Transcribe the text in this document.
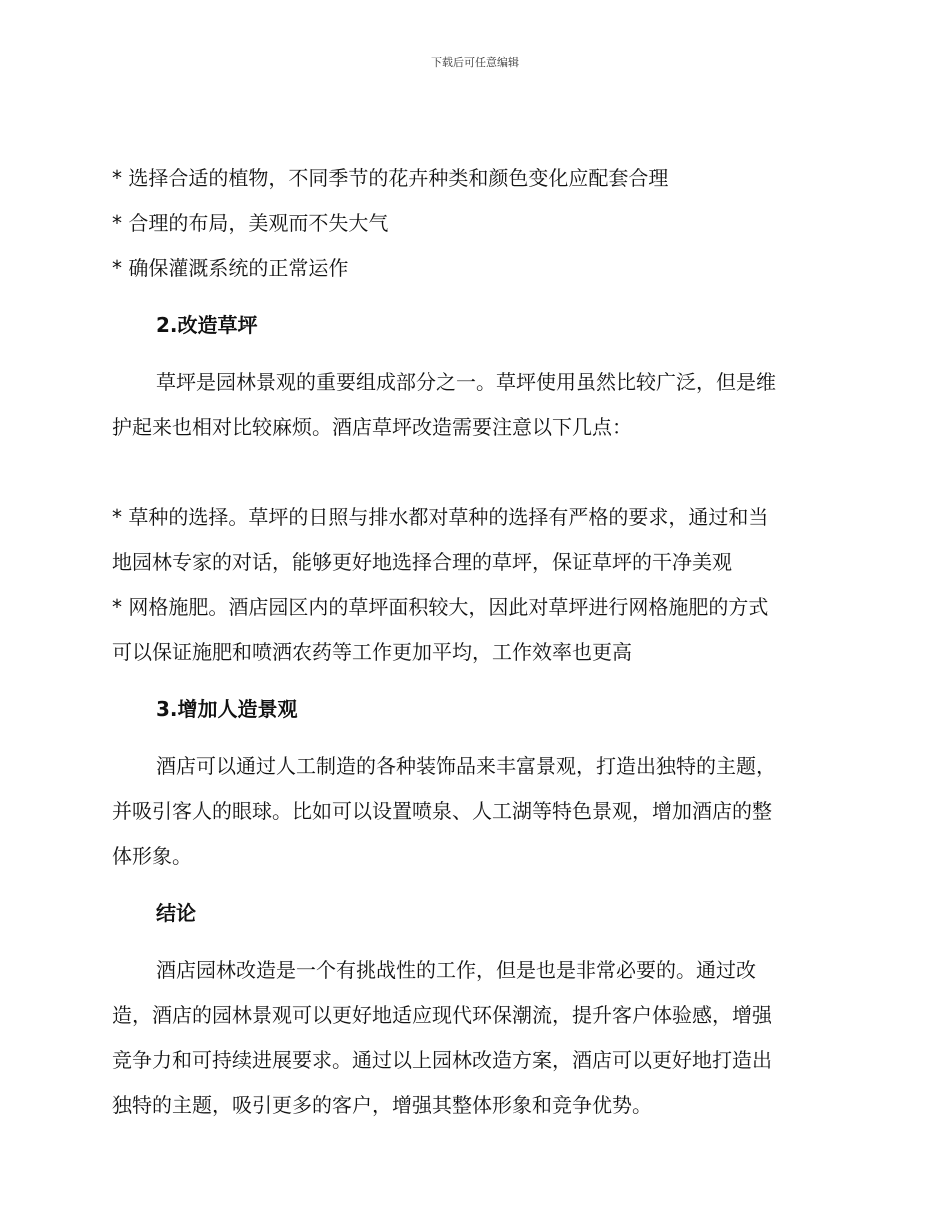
下载后可任意编辑
* 选择合适的植物，不同季节的花卉种类和颜色变化应配套合理
* 合理的布局，美观而不失大气
* 确保灌溉系统的正常运作
2.改造草坪
草坪是园林景观的重要组成部分之一。草坪使用虽然比较广泛，但是维
护起来也相对比较麻烦。酒店草坪改造需要注意以下几点：
* 草种的选择。草坪的日照与排水都对草种的选择有严格的要求，通过和当
地园林专家的对话，能够更好地选择合理的草坪，保证草坪的干净美观
* 网格施肥。酒店园区内的草坪面积较大，因此对草坪进行网格施肥的方式
可以保证施肥和喷洒农药等工作更加平均，工作效率也更高
3.增加人造景观
酒店可以通过人工制造的各种装饰品来丰富景观，打造出独特的主题，
并吸引客人的眼球。比如可以设置喷泉、人工湖等特色景观，增加酒店的整
体形象。
结论
酒店园林改造是一个有挑战性的工作，但是也是非常必要的。通过改
造，酒店的园林景观可以更好地适应现代环保潮流，提升客户体验感，增强
竞争力和可持续进展要求。通过以上园林改造方案，酒店可以更好地打造出
独特的主题，吸引更多的客户，增强其整体形象和竞争优势。
